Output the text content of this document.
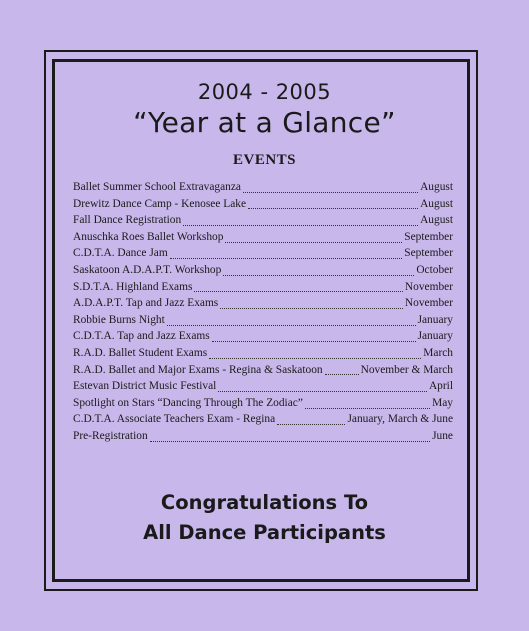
2004 - 2005
“Year at a Glance”
EVENTS
Ballet Summer School Extravaganza	August
Drewitz Dance Camp - Kenosee Lake	August
Fall Dance Registration	August
Anuschka Roes Ballet Workshop	September
C.D.T.A. Dance Jam	September
Saskatoon A.D.A.P.T. Workshop	October
S.D.T.A. Highland Exams	November
A.D.A.P.T. Tap and Jazz Exams	November
Robbie Burns Night	January
C.D.T.A. Tap and Jazz Exams	January
R.A.D. Ballet Student Exams	March
R.A.D. Ballet and Major Exams - Regina & Saskatoon	November & March
Estevan District Music Festival	April
Spotlight on Stars “Dancing Through The Zodiac”	May
C.D.T.A. Associate Teachers Exam - Regina	January, March & June
Pre-Registration	June
Congratulations To
All Dance Participants
